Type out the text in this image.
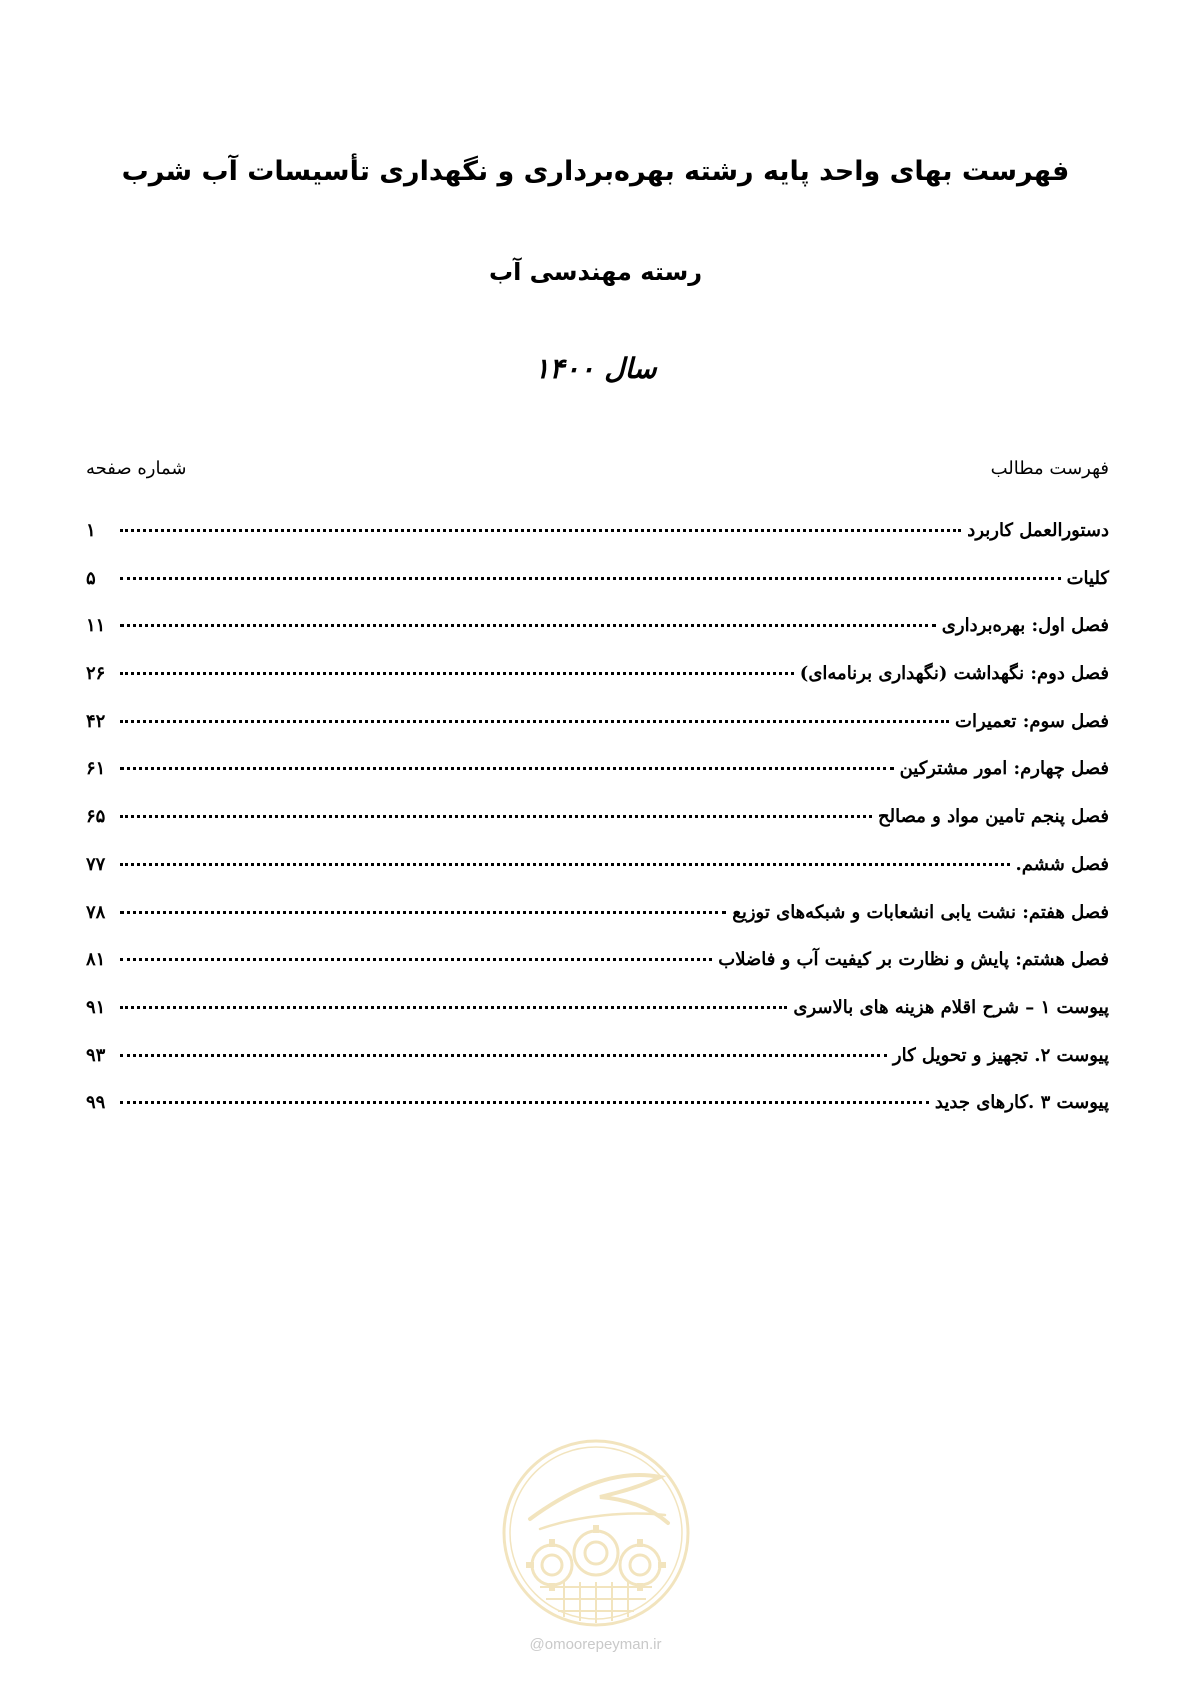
فهرست بهای واحد پایه رشته بهره‌برداری و نگهداری تأسیسات آب شرب
رسته مهندسی آب
سال ۱۴۰۰
فهرست مطالب
شماره صفحه
دستورالعمل کاربرد
۱
کلیات
۵
فصل اول: بهره‌برداری
۱۱
فصل دوم: نگهداشت (نگهداری برنامه‌ای)
۲۶
فصل سوم: تعمیرات
۴۲
فصل چهارم: امور مشترکین
۶۱
فصل پنجم تامین مواد و مصالح
۶۵
فصل ششم.
۷۷
فصل هفتم: نشت یابی انشعابات و شبکه‌های توزیع
۷۸
فصل هشتم: پایش و نظارت بر کیفیت آب و فاضلاب
۸۱
پیوست ۱ – شرح اقلام هزینه های بالاسری
۹۱
پیوست ۲. تجهیز و تحویل کار
۹۳
پیوست ۳ .کارهای جدید
۹۹
@omoorepeyman.ir
